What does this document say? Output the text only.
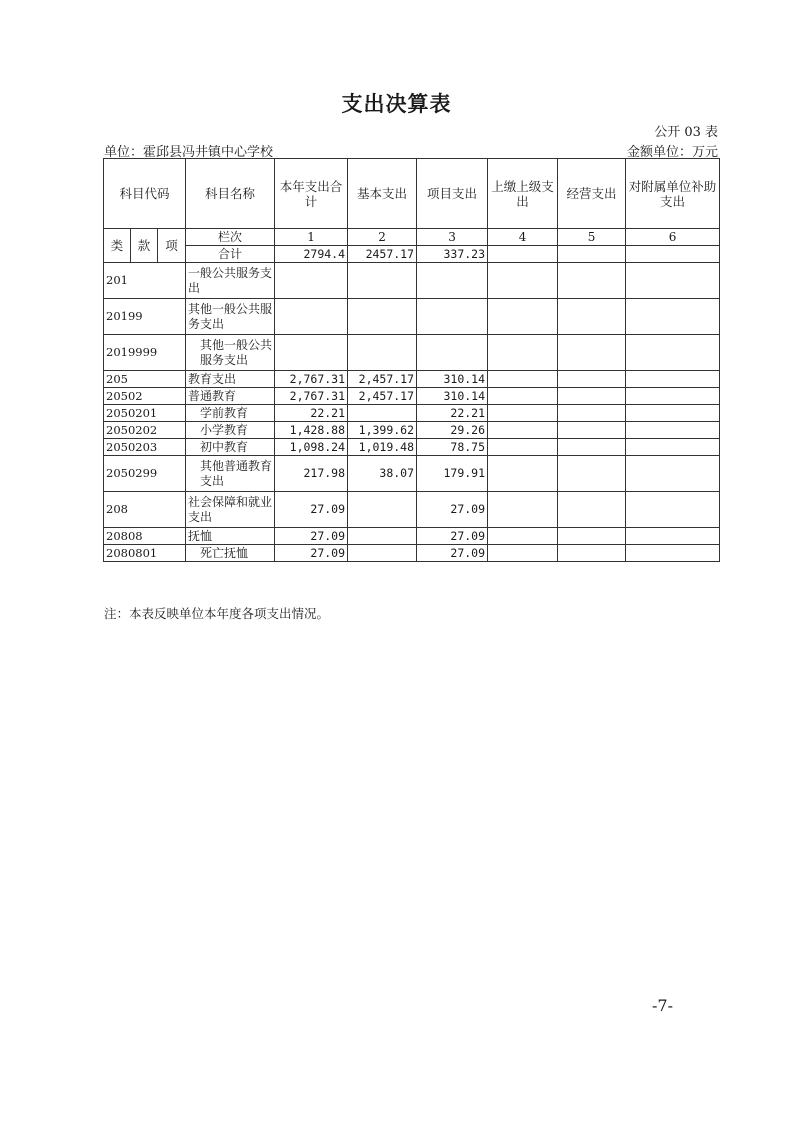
支出决算表
公开 03 表
单位：霍邱县冯井镇中心学校	金额单位：万元
科目代码			科目名称	本年支出合计	基本支出	项目支出	上缴上级支出	经营支出	对附属单位补助支出
类	款	项	栏次	1	2	3	4	5	6
			合计	2794.4	2457.17	337.23			
201			一般公共服务支出						
20199			其他一般公共服务支出						
2019999			其他一般公共服务支出						
205			教育支出	2,767.31	2,457.17	310.14			
20502			普通教育	2,767.31	2,457.17	310.14			
2050201			学前教育	22.21		22.21			
2050202			小学教育	1,428.88	1,399.62	29.26			
2050203			初中教育	1,098.24	1,019.48	78.75			
2050299			其他普通教育支出	217.98	38.07	179.91			
208			社会保障和就业支出	27.09		27.09			
20808			抚恤	27.09		27.09			
2080801			死亡抚恤	27.09		27.09			
注：本表反映单位本年度各项支出情况。
-7-
